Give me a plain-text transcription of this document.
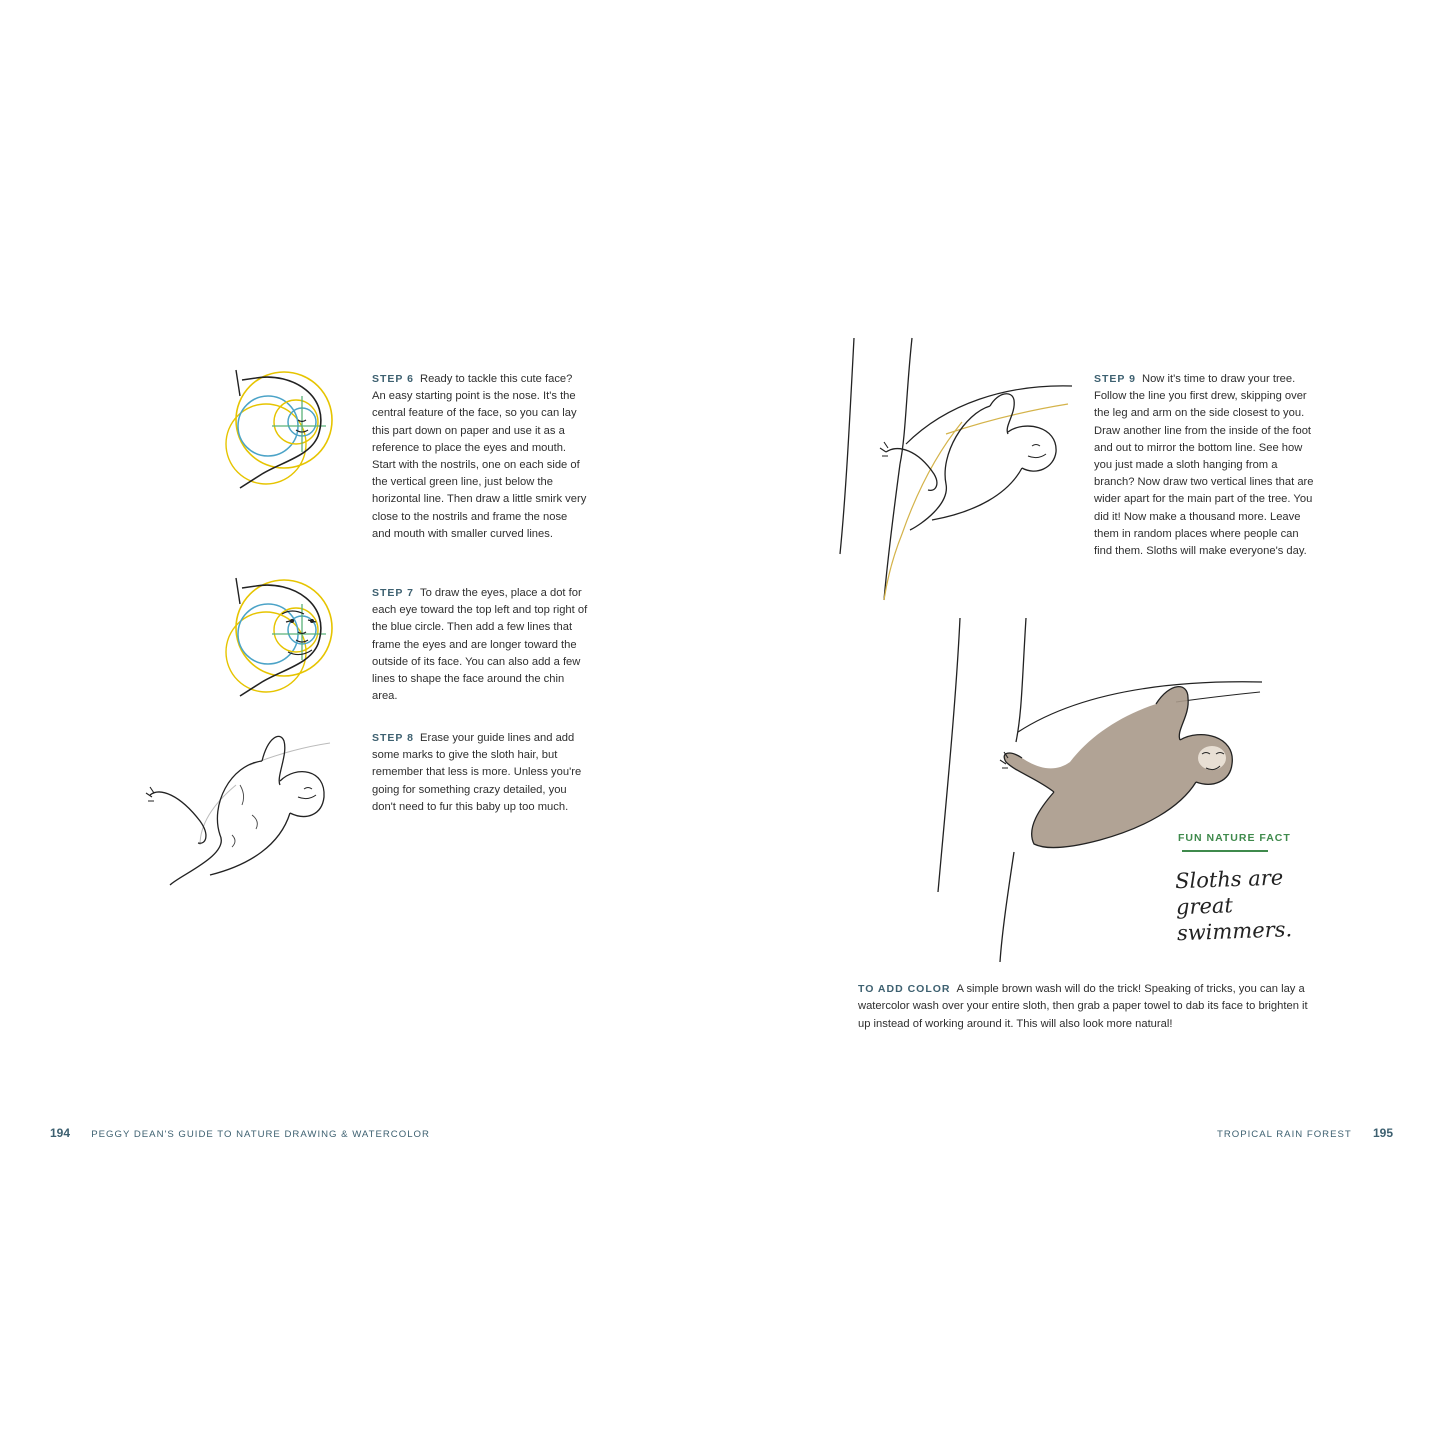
STEP 6 Ready to tackle this cute face? An easy starting point is the nose. It's the central feature of the face, so you can lay this part down on paper and use it as a reference to place the eyes and mouth. Start with the nostrils, one on each side of the vertical green line, just below the horizontal line. Then draw a little smirk very close to the nostrils and frame the nose and mouth with smaller curved lines.
STEP 7 To draw the eyes, place a dot for each eye toward the top left and top right of the blue circle. Then add a few lines that frame the eyes and are longer toward the outside of its face. You can also add a few lines to shape the face around the chin area.
STEP 8 Erase your guide lines and add some marks to give the sloth hair, but remember that less is more. Unless you're going for something crazy detailed, you don't need to fur this baby up too much.
194 PEGGY DEAN'S GUIDE TO NATURE DRAWING & WATERCOLOR
STEP 9 Now it's time to draw your tree. Follow the line you first drew, skipping over the leg and arm on the side closest to you. Draw another line from the inside of the foot and out to mirror the bottom line. See how you just made a sloth hanging from a branch? Now draw two vertical lines that are wider apart for the main part of the tree. You did it! Now make a thousand more. Leave them in random places where people can find them. Sloths will make everyone's day.
FUN NATURE FACT
Sloths are great swimmers.
TO ADD COLOR A simple brown wash will do the trick! Speaking of tricks, you can lay a watercolor wash over your entire sloth, then grab a paper towel to dab its face to brighten it up instead of working around it. This will also look more natural!
TROPICAL RAIN FOREST 195
